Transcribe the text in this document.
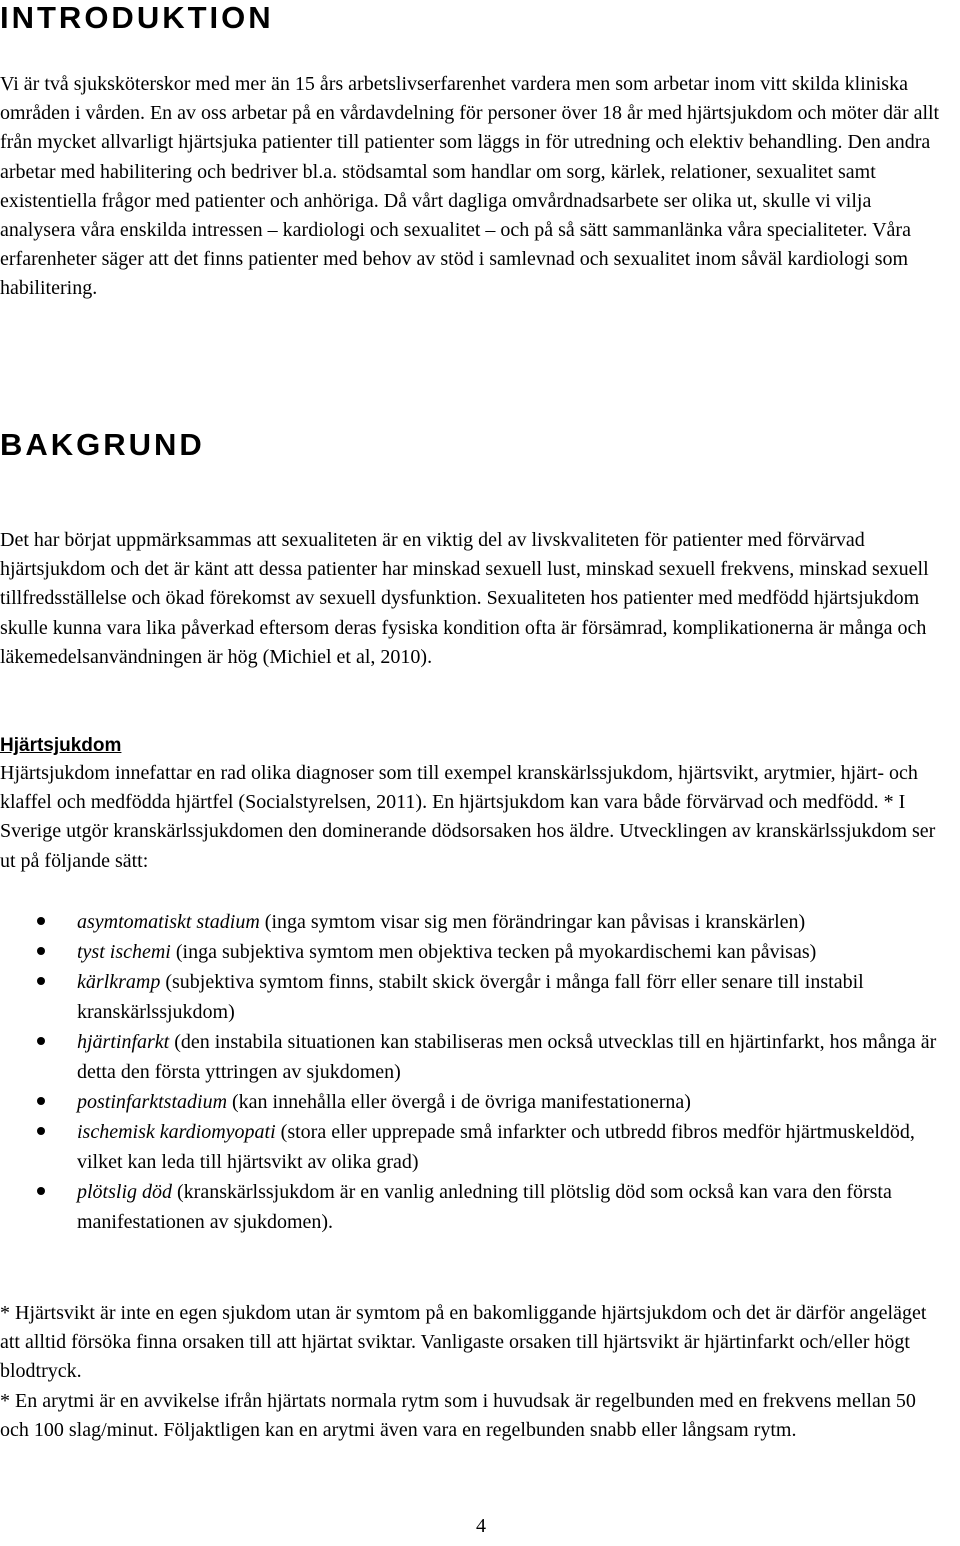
INTRODUKTION

Vi är två sjuksköterskor med mer än 15 års arbetslivserfarenhet vardera men som arbetar inom vitt skilda kliniska områden i vården. En av oss arbetar på en vårdavdelning för personer över 18 år med hjärtsjukdom och möter där allt från mycket allvarligt hjärtsjuka patienter till patienter som läggs in för utredning och elektiv behandling. Den andra arbetar med habilitering och bedriver bl.a. stödsamtal som handlar om sorg, kärlek, relationer, sexualitet samt existentiella frågor med patienter och anhöriga. Då vårt dagliga omvårdnadsarbete ser olika ut, skulle vi vilja analysera våra enskilda intressen – kardiologi och sexualitet – och på så sätt sammanlänka våra specialiteter. Våra erfarenheter säger att det finns patienter med behov av stöd i samlevnad och sexualitet inom såväl kardiologi som habilitering.

BAKGRUND

Det har börjat uppmärksammas att sexualiteten är en viktig del av livskvaliteten för patienter med förvärvad hjärtsjukdom och det är känt att dessa patienter har minskad sexuell lust, minskad sexuell frekvens, minskad sexuell tillfredsställelse och ökad förekomst av sexuell dysfunktion. Sexualiteten hos patienter med medfödd hjärtsjukdom skulle kunna vara lika påverkad eftersom deras fysiska kondition ofta är försämrad, komplikationerna är många och läkemedelsanvändningen är hög (Michiel et al, 2010).

Hjärtsjukdom

Hjärtsjukdom innefattar en rad olika diagnoser som till exempel kranskärlssjukdom, hjärtsvikt, arytmier, hjärt- och klaffel och medfödda hjärtfel (Socialstyrelsen, 2011). En hjärtsjukdom kan vara både förvärvad och medfödd. * I Sverige utgör kranskärlssjukdomen den dominerande dödsorsaken hos äldre. Utvecklingen av kranskärlssjukdom ser ut på följande sätt:

asymtomatiskt stadium (inga symtom visar sig men förändringar kan påvisas i kranskärlen)
tyst ischemi (inga subjektiva symtom men objektiva tecken på myokardischemi kan påvisas)
kärlkramp (subjektiva symtom finns, stabilt skick övergår i många fall förr eller senare till instabil kranskärlssjukdom)
hjärtinfarkt (den instabila situationen kan stabiliseras men också utvecklas till en hjärtinfarkt, hos många är detta den första yttringen av sjukdomen)
postinfarktstadium (kan innehålla eller övergå i de övriga manifestationerna)
ischemisk kardiomyopati (stora eller upprepade små infarkter och utbredd fibros medför hjärtmuskeldöd, vilket kan leda till hjärtsvikt av olika grad)
plötslig död (kranskärlssjukdom är en vanlig anledning till plötslig död som också kan vara den första manifestationen av sjukdomen).

* Hjärtsvikt är inte en egen sjukdom utan är symtom på en bakomliggande hjärtsjukdom och det är därför angeläget att alltid försöka finna orsaken till att hjärtat sviktar. Vanligaste orsaken till hjärtsvikt är hjärtinfarkt och/eller högt blodtryck.

* En arytmi är en avvikelse ifrån hjärtats normala rytm som i huvudsak är regelbunden med en frekvens mellan 50 och 100 slag/minut. Följaktligen kan en arytmi även vara en regelbunden snabb eller långsam rytm.

4
